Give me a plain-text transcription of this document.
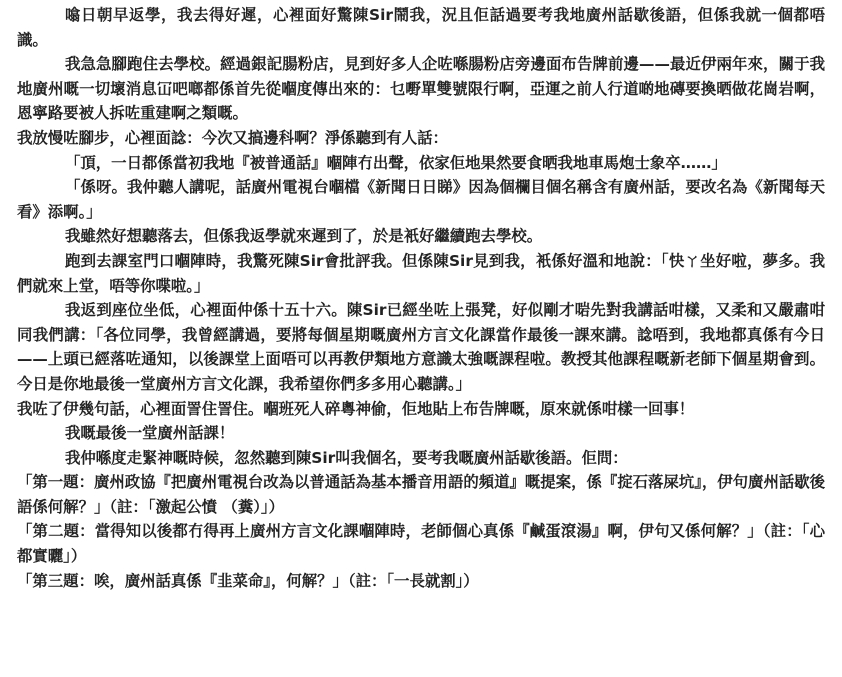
噏日朝早返學，我去得好遲，心裡面好驚陳Sir鬧我，況且佢話過要考我地廣州話歇後語，但係我就一個都唔識。

我急急腳跑住去學校。經過銀記腸粉店，見到好多人企咗喺腸粉店旁邊面布告牌前邊——最近伊兩年來，關于我地廣州嘅一切壞消息冚吧啷都係首先從嗰度傳出來的：乜嘢單雙號限行啊，亞運之前人行道啲地磚要換晒做花崗岩啊，恩寧路要被人拆咗重建啊之類嘅。

我放慢咗腳步，心裡面諗：今次又搞邊科啊？淨係聽到有人話：

「頂，一日都係當初我地『被普通話』嗰陣冇出聲，依家佢地果然要食晒我地車馬炮士象卒……」

「係呀。我仲聽人講呢，話廣州電視台嗰檔《新聞日日睇》因為個欄目個名稱含有廣州話，要改名為《新聞每天看》添啊。」

我雖然好想聽落去，但係我返學就來遲到了，於是衹好繼續跑去學校。

跑到去課室門口嗰陣時，我驚死陳Sir會批評我。但係陳Sir見到我，衹係好溫和地說：「快ㄚ坐好啦，夢多。我們就來上堂，唔等你喋啦。」

我返到座位坐低，心裡面仲係十五十六。陳Sir已經坐咗上張凳，好似剛才啱先對我講話咁樣，又柔和又嚴肅咁同我們講：「各位同學，我曾經講過，要將每個星期嘅廣州方言文化課當作最後一課來講。諗唔到，我地都真係有今日——上頭已經落咗通知，以後課堂上面唔可以再教伊類地方意識太強嘅課程啦。教授其他課程嘅新老師下個星期會到。今日是你地最後一堂廣州方言文化課，我希望你們多多用心聽講。」

我咗了伊幾句話，心裡面詈住詈住。嗰班死人碎粵神偷，佢地貼上布告牌嘅，原來就係咁樣一回事！

我嘅最後一堂廣州話課！

我仲喺度走緊神嘅時候，忽然聽到陳Sir叫我個名，要考我嘅廣州話歇後語。佢問：

「第一題：廣州政協『把廣州電視台改為以普通話為基本播音用語的頻道』嘅提案，係『掟石落屎坑』，伊句廣州話歇後語係何解？」（註：「激起公憤 （糞）」）

「第二題：當得知以後都冇得再上廣州方言文化課嗰陣時，老師個心真係『鹹蛋滾湯』啊，伊句又係何解？」（註：「心都實曬」）

「第三題：唉，廣州話真係『韭菜命』，何解？」（註：「一長就割」）
